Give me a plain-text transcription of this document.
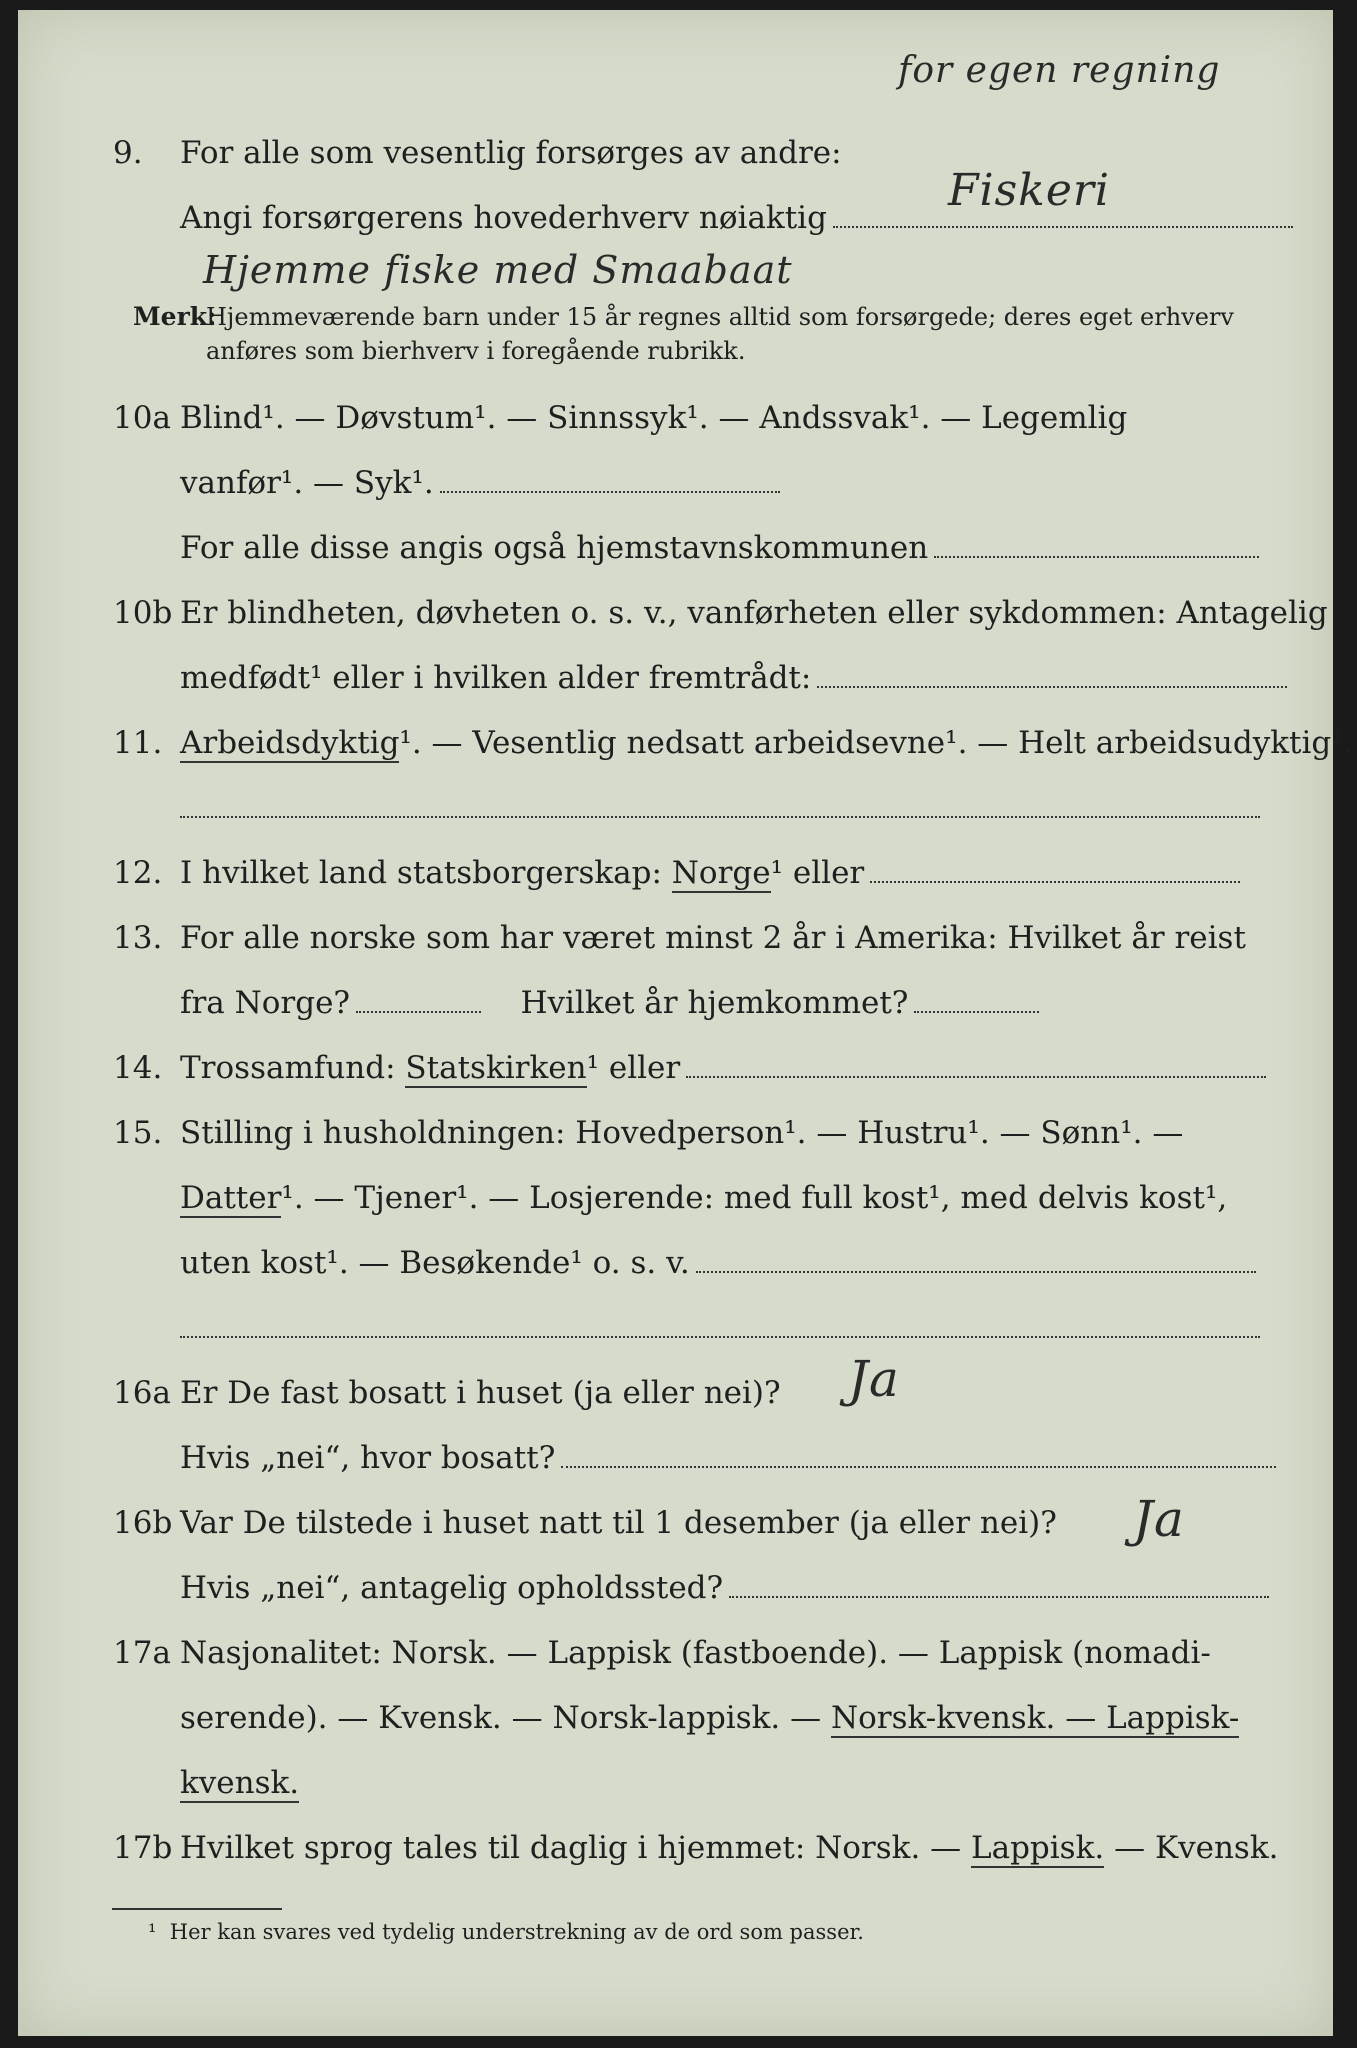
for egen regning
Fiskeri
Hjemme fiske med Smaabaat
Ja
Ja
9. For alle som vesentlig forsørges av andre:
Angi forsørgerens hovederhverv nøiaktig
Merk:
Hjemmeværende barn under 15 år regnes alltid som forsørgede; deres eget erhverv anføres som bierhverv i foregående rubrikk.
10a Blind¹. — Døvstum¹. — Sinnssyk¹. — Andssvak¹. — Legemlig
vanfør¹. — Syk¹.
For alle disse angis også hjemstavnskommunen
10b Er blindheten, døvheten o. s. v., vanførheten eller sykdommen: Antagelig
medfødt¹ eller i hvilken alder fremtrådt:
11. Arbeidsdyktig¹. — Vesentlig nedsatt arbeidsevne¹. — Helt arbeidsudyktig¹.
12. I hvilket land statsborgerskap: Norge¹ eller
13. For alle norske som har været minst 2 år i Amerika: Hvilket år reist
fra Norge?	Hvilket år hjemkommet?
14. Trossamfund: Statskirken¹ eller
15. Stilling i husholdningen: Hovedperson¹. — Hustru¹. — Sønn¹. —
Datter¹. — Tjener¹. — Losjerende: med full kost¹, med delvis kost¹,
uten kost¹. — Besøkende¹ o. s. v.
16a Er De fast bosatt i huset (ja eller nei)?
Hvis „nei“, hvor bosatt?
16b Var De tilstede i huset natt til 1 desember (ja eller nei)?
Hvis „nei“, antagelig opholdssted?
17a Nasjonalitet: Norsk. — Lappisk (fastboende). — Lappisk (nomadi-
serende). — Kvensk. — Norsk-lappisk. — Norsk-kvensk. — Lappisk-
kvensk.
17b Hvilket sprog tales til daglig i hjemmet: Norsk. — Lappisk. — Kvensk.
¹ Her kan svares ved tydelig understrekning av de ord som passer.
